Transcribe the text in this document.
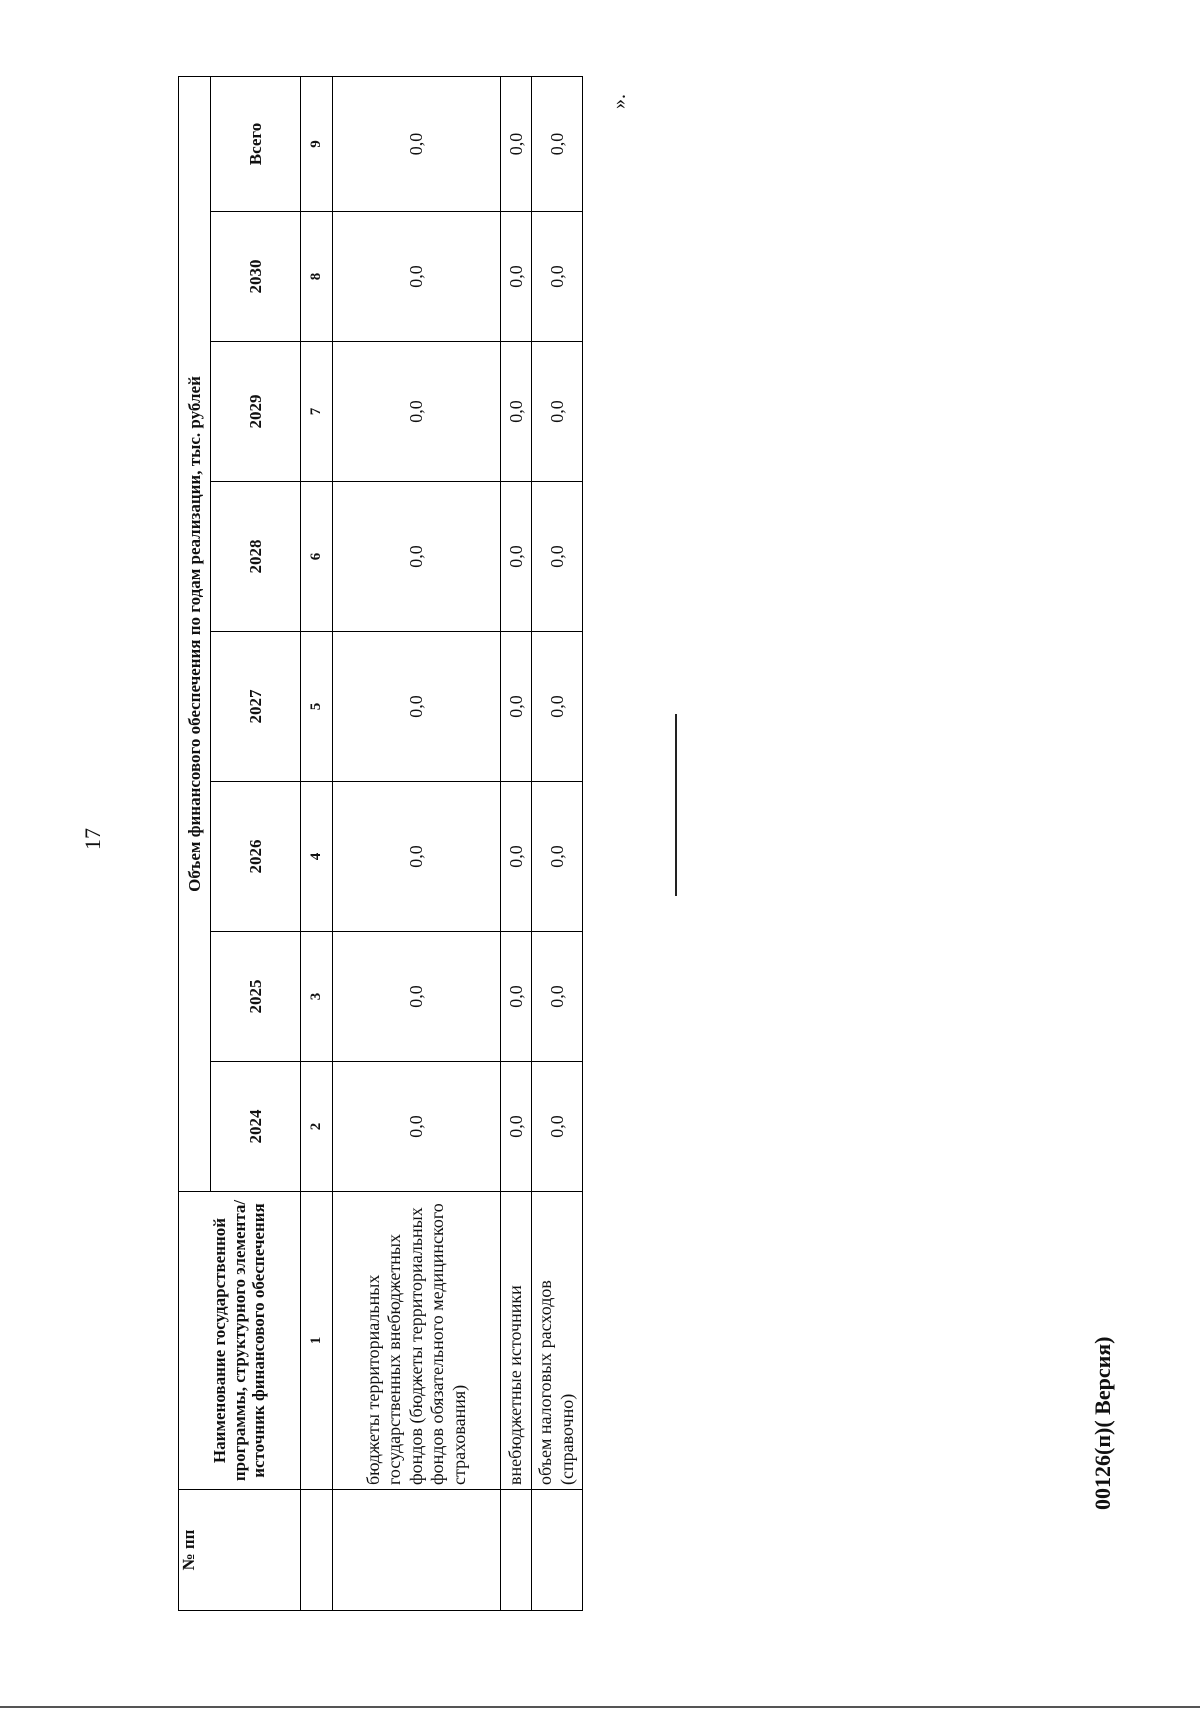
17
№ пп	Наименование государственной программы, структурного элемента/источник финансового обеспечения	Объем финансового обеспечения по годам реализации, тыс. рублей							
		2024	2025	2026	2027	2028	2029	2030	Всего
	1	2	3	4	5	6	7	8	9
	бюджеты территориальных государственных внебюджетных фондов (бюджеты территориальных фондов обязательного медицинского страхования)	0,0	0,0	0,0	0,0	0,0	0,0	0,0	0,0
	внебюджетные источники	0,0	0,0	0,0	0,0	0,0	0,0	0,0	0,0
	объем налоговых расходов (справочно)	0,0	0,0	0,0	0,0	0,0	0,0	0,0	0,0
».
00126(п)( Версия)
